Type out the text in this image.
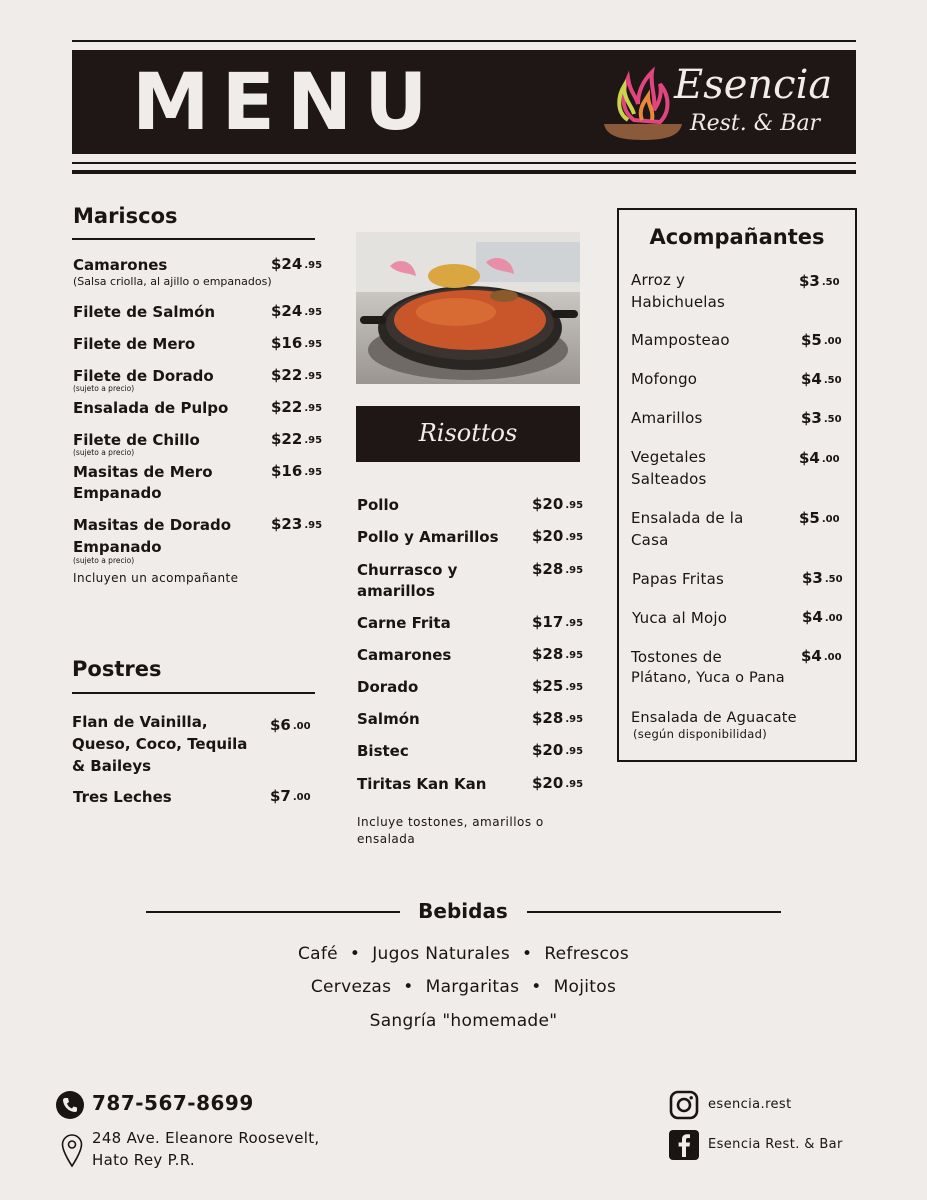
MENU	Esencia
Rest. & Bar
Mariscos
Camarones
(Salsa criolla, al ajillo o empanados)
$24 .95
Filete de Salmón	$24 .95
Filete de Mero	$16 .95
Filete de Dorado
(sujeto a precio)
$22 .95
Ensalada de Pulpo	$22 .95
Filete de Chillo
(sujeto a precio)
$22 .95
Masitas de Mero
Empanado
$16 .95
Masitas de Dorado
Empanado
(sujeto a precio)
$23 .95
Incluyen un acompañante
Postres
Flan de Vainilla,
Queso, Coco, Tequila
& Baileys
$6 .00
Tres Leches	$7 .00
Risottos
Pollo	$20 .95
Pollo y Amarillos $20 .95
Churrasco y
amarillos
$28 .95
Carne Frita	$17 .95
Camarones	$28 .95
Dorado	$25 .95
Salmón	$28 .95
Bistec	$20 .95
Tiritas Kan Kan	$20 .95
Incluye tostones, amarillos o
ensalada
Acompañantes
Arroz y
Habichuelas
$3 .50
Mamposteao	$5 .00
Mofongo	$4 .50
Amarillos	$3 .50
Vegetales
Salteados
$4 .00
Ensalada de la
Casa
$5 .00
Papas Fritas	$3 .50
Yuca al Mojo	$4 .00
Tostones de
Plátano, Yuca o Pana
$4 .00
Ensalada de Aguacate
(según disponibilidad)
Bebidas
Café • Jugos Naturales • Refrescos
Cervezas • Margaritas • Mojitos
Sangría "homemade"
787-567-8699
248 Ave. Eleanore Roosevelt,
Hato Rey P.R.
esencia.rest
Esencia Rest. & Bar
